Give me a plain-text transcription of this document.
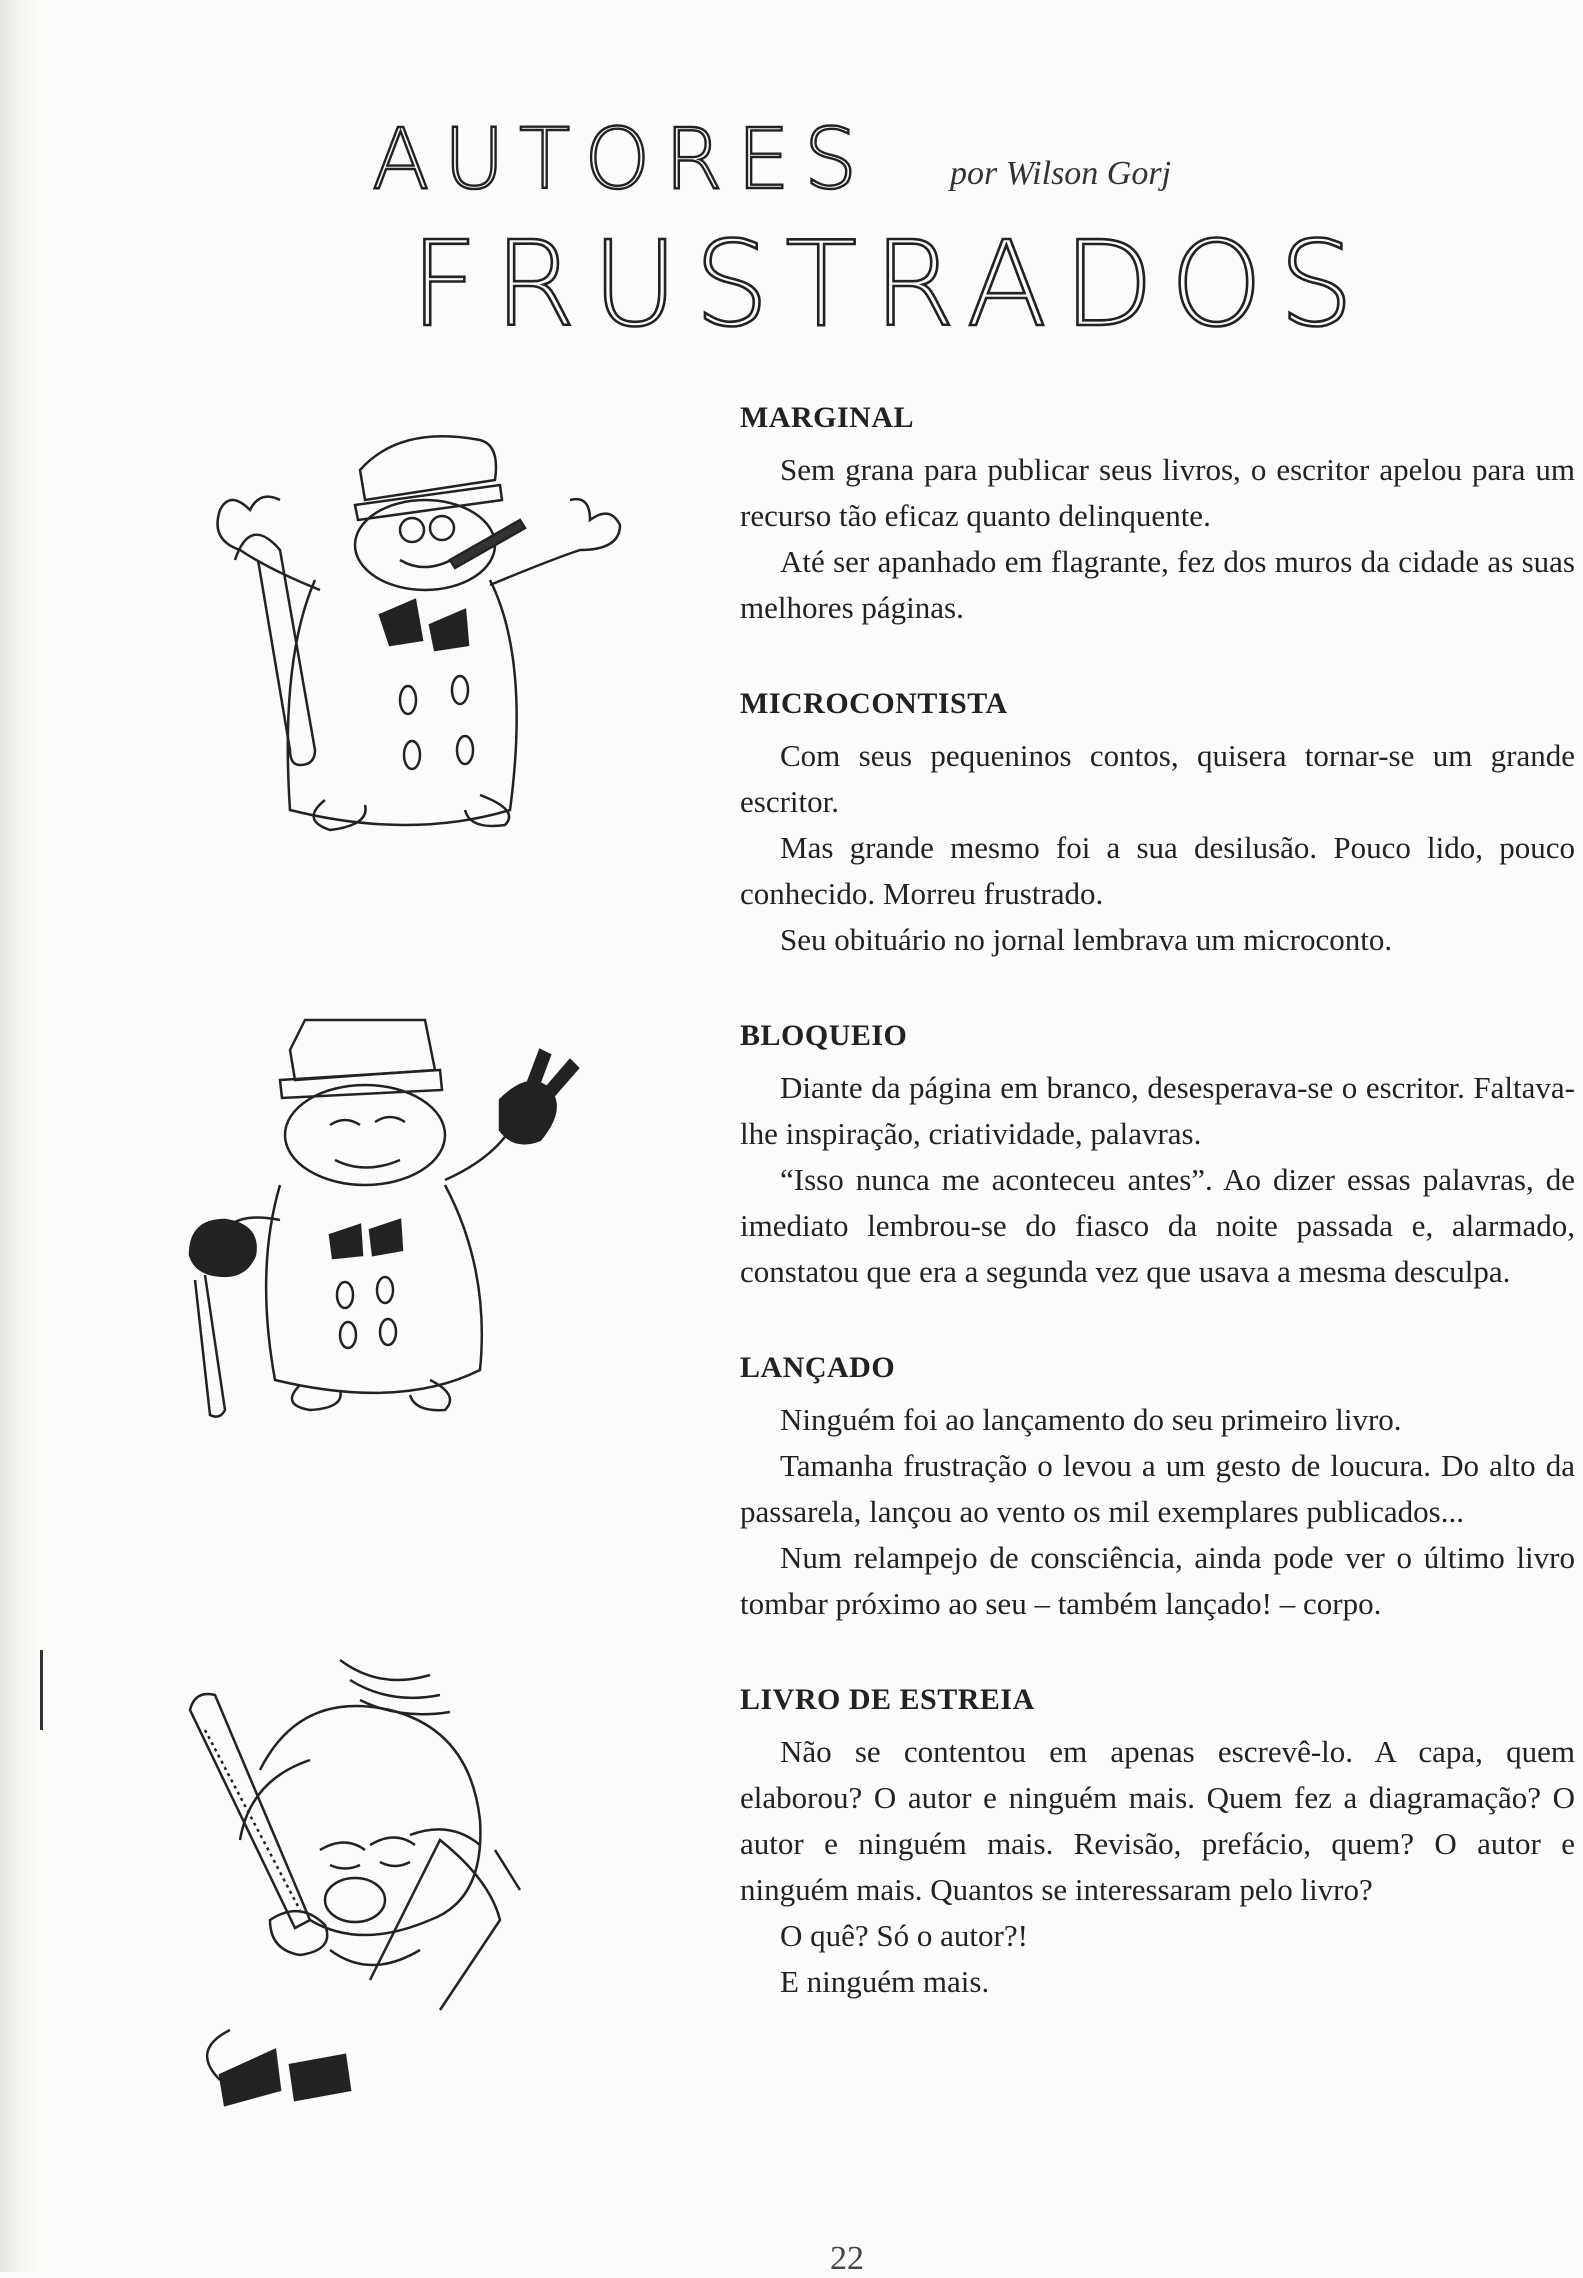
AUTORES por Wilson Gorj
FRUSTRADOS
MARGINAL

Sem grana para publicar seus livros, o escritor apelou para um recurso tão eficaz quanto delinquente.

Até ser apanhado em flagrante, fez dos muros da cidade as suas melhores páginas.

MICROCONTISTA

Com seus pequeninos contos, quisera tornar-se um grande escritor.

Mas grande mesmo foi a sua desilusão. Pouco lido, pouco conhecido. Morreu frustrado.

Seu obituário no jornal lembrava um microconto.

BLOQUEIO

Diante da página em branco, desesperava-se o escritor. Faltava-lhe inspiração, criatividade, palavras.

“Isso nunca me aconteceu antes”. Ao dizer essas palavras, de imediato lembrou-se do fiasco da noite passada e, alarmado, constatou que era a segunda vez que usava a mesma desculpa.

LANÇADO

Ninguém foi ao lançamento do seu primeiro livro.

Tamanha frustração o levou a um gesto de loucura. Do alto da passarela, lançou ao vento os mil exemplares publicados...

Num relampejo de consciência, ainda pode ver o último livro tombar próximo ao seu – também lançado! – corpo.

LIVRO DE ESTREIA

Não se contentou em apenas escrevê-lo. A capa, quem elaborou? O autor e ninguém mais. Quem fez a diagramação? O autor e ninguém mais. Revisão, prefácio, quem? O autor e ninguém mais. Quantos se interessaram pelo livro?

O quê? Só o autor?!

E ninguém mais.

22
